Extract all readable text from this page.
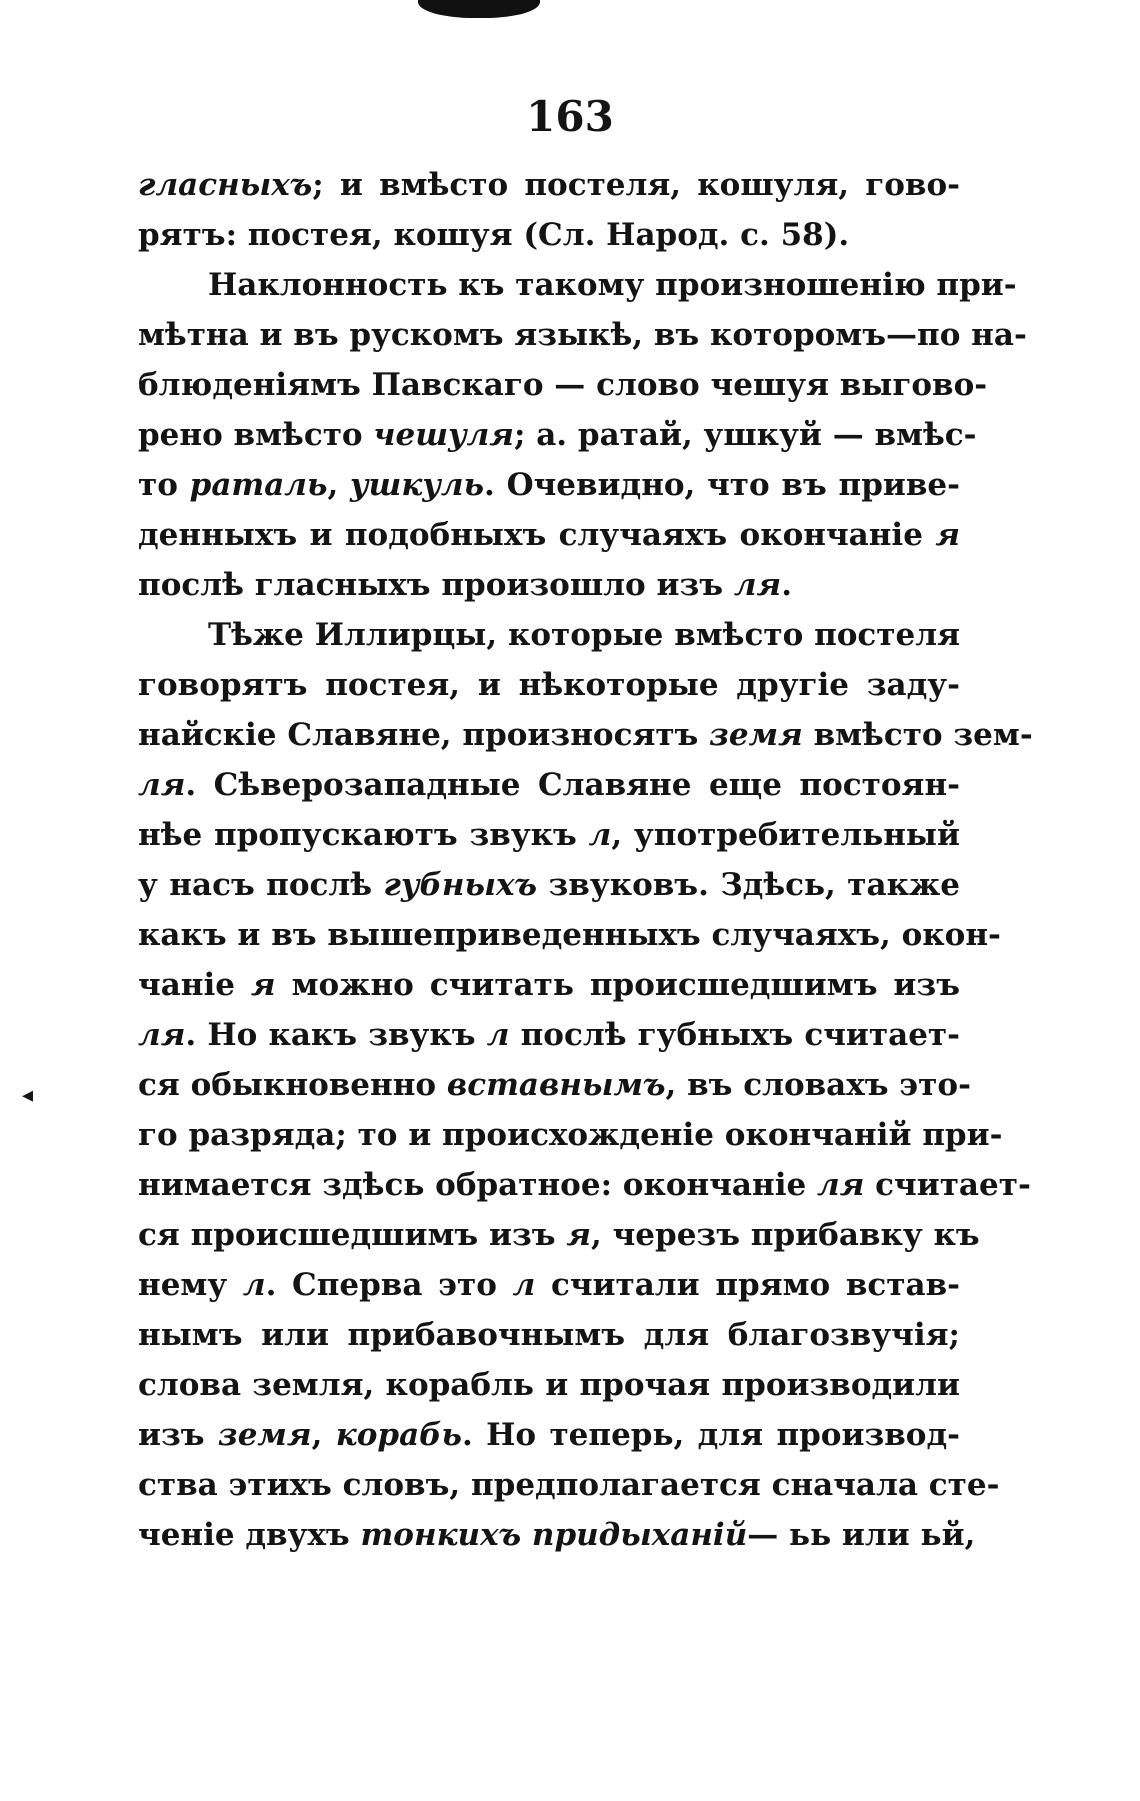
163
гласныхъ; и вмѣсто постеля, кошуля, гово-
рятъ: постея, кошуя (Сл. Народ. с. 58).
Наклонность къ такому произношенію при-
мѣтна и въ рускомъ языкѣ, въ которомъ—по на-
блюденіямъ Павскаго — слово чешуя выгово-
рено вмѣсто чешуля; а. ратай, ушкуй — вмѣс-
то раталь, ушкуль. Очевидно, что въ приве-
денныхъ и подобныхъ случаяхъ окончаніе я
послѣ гласныхъ произошло изъ ля.
Тѣже Иллирцы, которые вмѣсто постеля
говорятъ постея, и нѣкоторые другіе заду-
найскіе Славяне, произносятъ земя вмѣсто зем-
ля. Сѣверозападные Славяне еще постоян-
нѣе пропускаютъ звукъ л, употребительный
у насъ послѣ губныхъ звуковъ. Здѣсь, также
какъ и въ вышеприведенныхъ случаяхъ, окон-
чаніе я можно считать происшедшимъ изъ
ля. Но какъ звукъ л послѣ губныхъ считает-
ся обыкновенно вставнымъ, въ словахъ это-
го разряда; то и происхожденіе окончаній при-
нимается здѣсь обратное: окончаніе ля считает-
ся происшедшимъ изъ я, черезъ прибавку къ
нему л. Сперва это л считали прямо встав-
нымъ или прибавочнымъ для благозвучія;
слова земля, корабль и прочая производили
изъ земя, корабь. Но теперь, для производ-
ства этихъ словъ, предполагается сначала сте-
ченіе двухъ тонкихъ придыханій— ьь или ьй,
◂
